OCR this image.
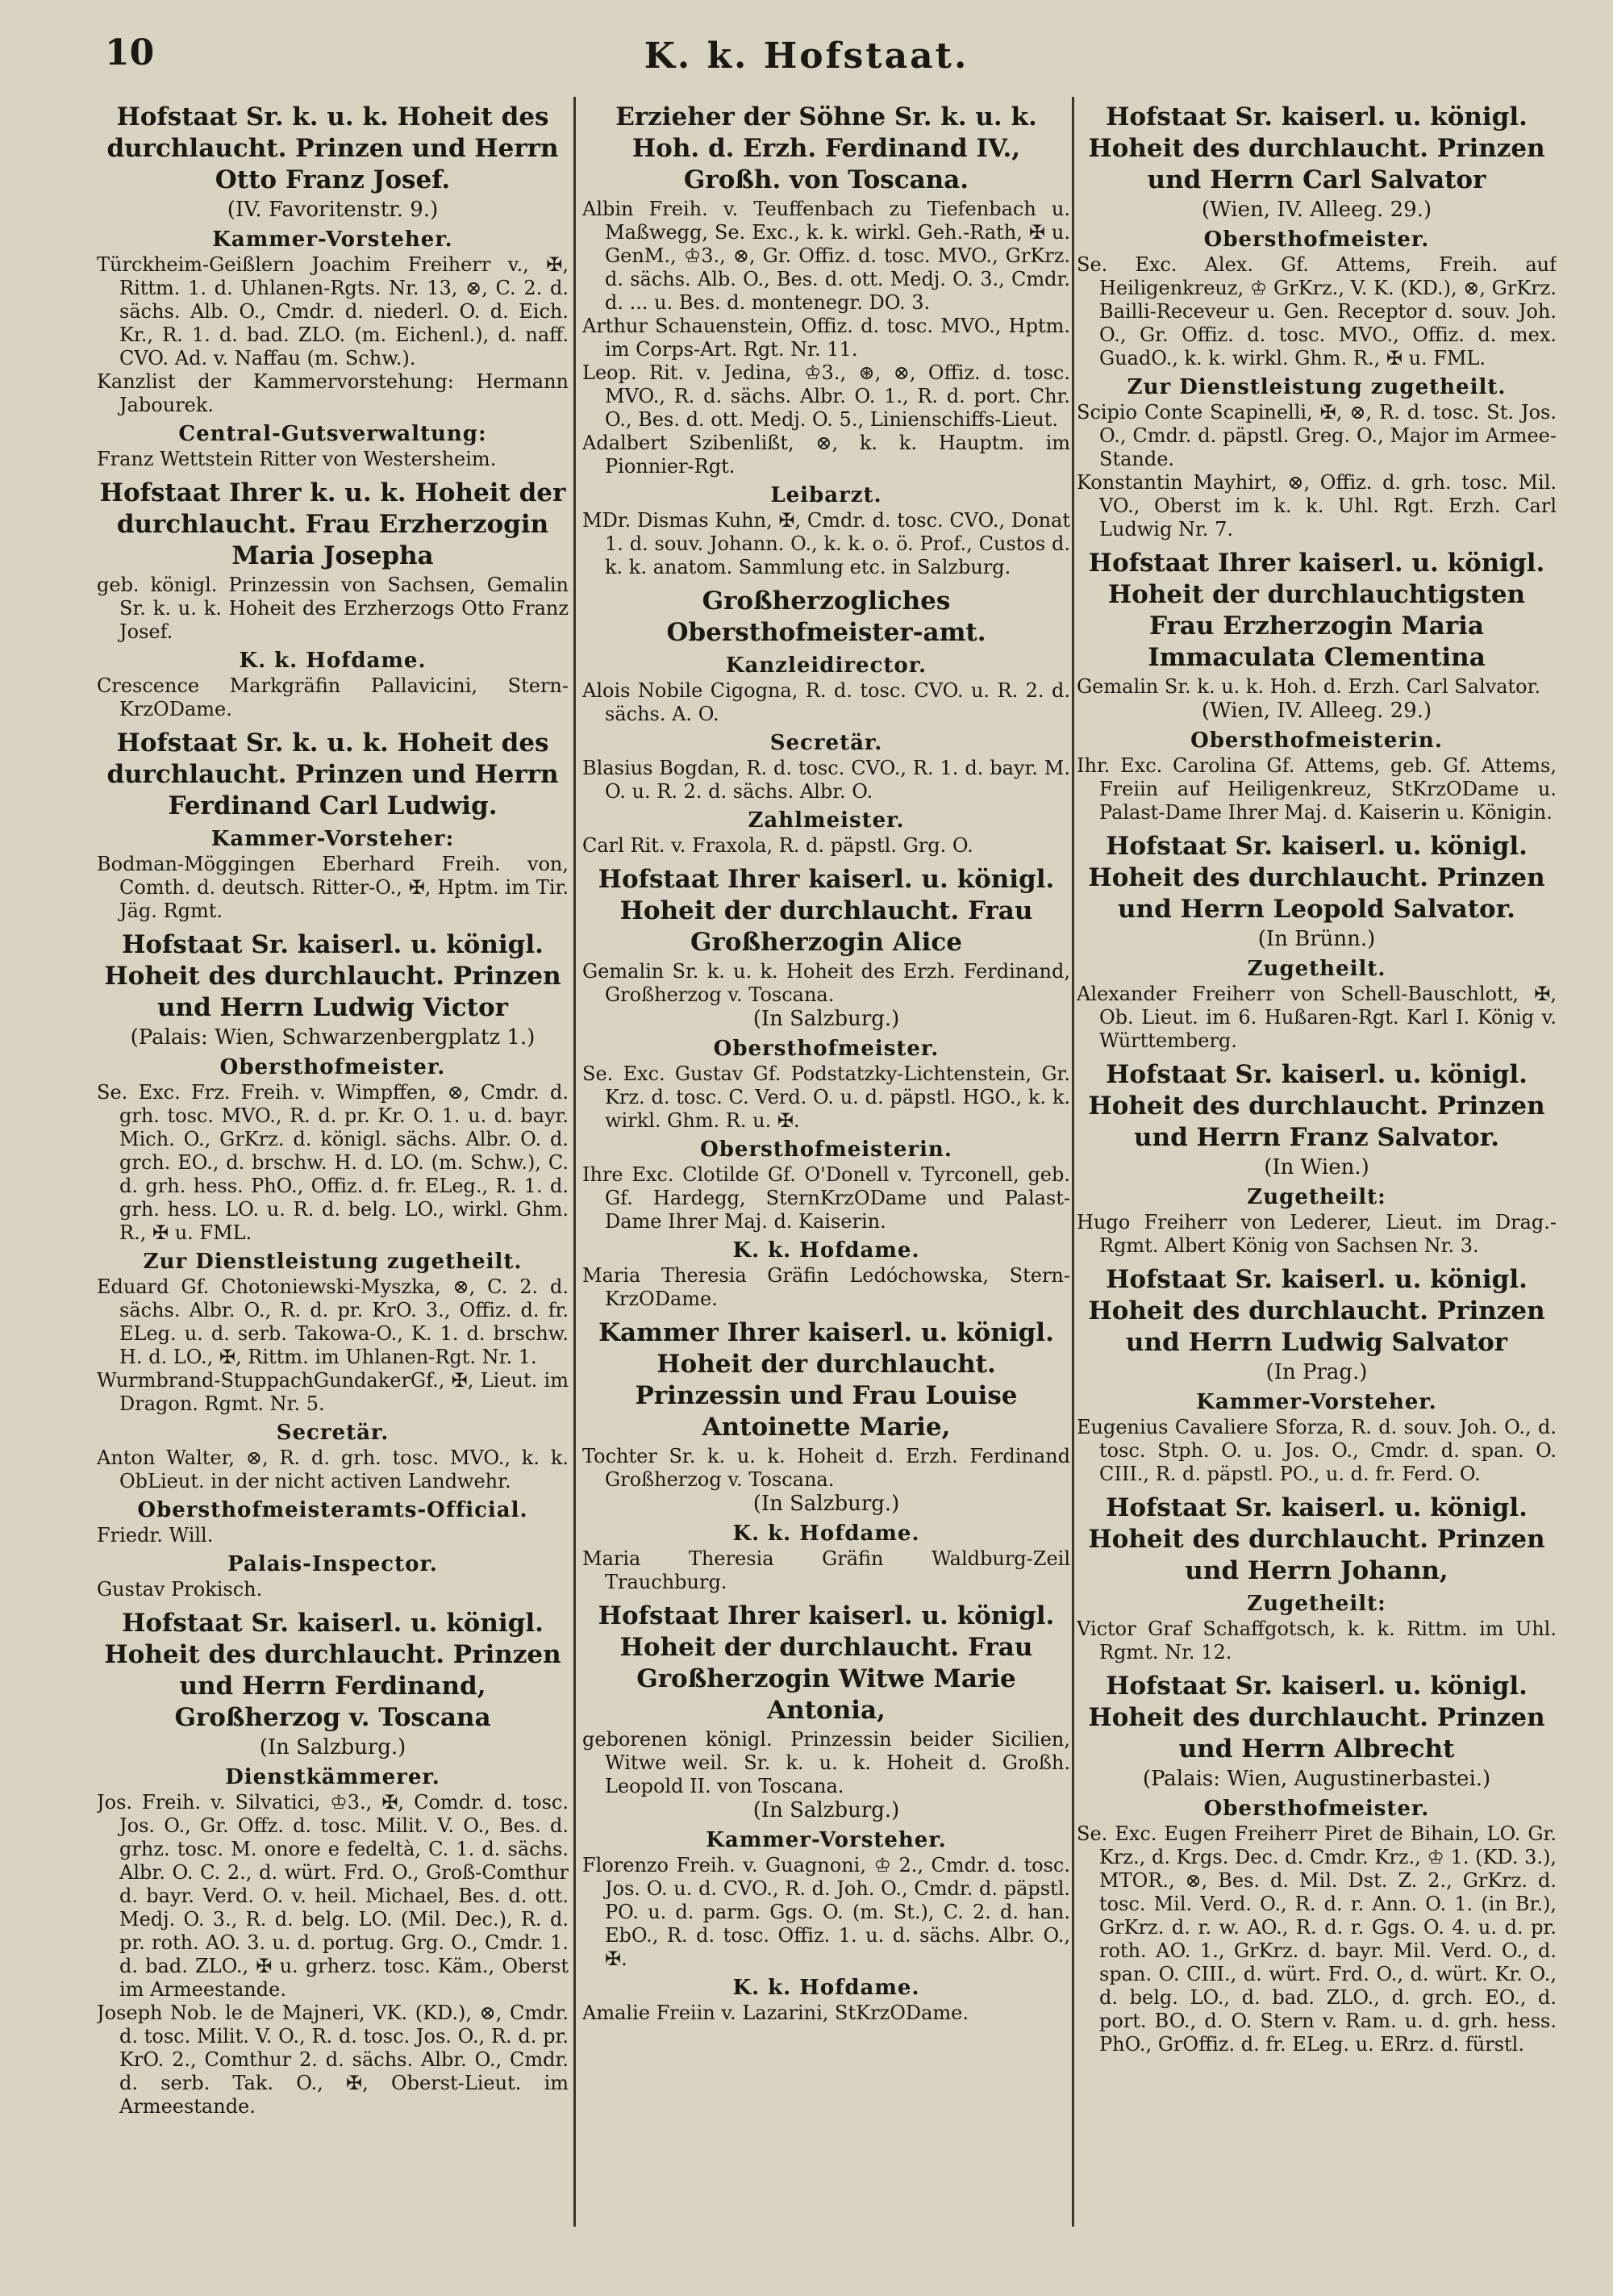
10	K. k. Hofstaat.
Hofstaat Sr. k. u. k. Hoheit des durchlaucht. Prinzen und Herrn Otto Franz Josef.
(IV. Favoritenstr. 9.)
Kammer-Vorsteher.
Türckheim-Geißlern Joachim Freiherr v., ✠, Rittm. 1. d. Uhlanen-Rgts. Nr. 13, ⊗, C. 2. d. sächs. Alb. O., Cmdr. d. niederl. O. d. Eich. Kr., R. 1. d. bad. ZLO. (m. Eichenl.), d. naff. CVO. Ad. v. Naffau (m. Schw.).
Kanzlist der Kammervorstehung: Hermann Jabourek.
Central-Gutsverwaltung:
Franz Wettstein Ritter von Westersheim.
Hofstaat Ihrer k. u. k. Hoheit der durchlaucht. Frau Erzherzogin Maria Josepha
geb. königl. Prinzessin von Sachsen, Gemalin Sr. k. u. k. Hoheit des Erzherzogs Otto Franz Josef.
K. k. Hofdame.
Crescence Markgräfin Pallavicini, Stern-KrzODame.
Hofstaat Sr. k. u. k. Hoheit des durchlaucht. Prinzen und Herrn Ferdinand Carl Ludwig.
Kammer-Vorsteher:
Bodman-Möggingen Eberhard Freih. von, Comth. d. deutsch. Ritter-O., ✠, Hptm. im Tir. Jäg. Rgmt.
Hofstaat Sr. kaiserl. u. königl. Hoheit des durchlaucht. Prinzen und Herrn Ludwig Victor
(Palais: Wien, Schwarzenbergplatz 1.)
Obersthofmeister.
Se. Exc. Frz. Freih. v. Wimpffen, ⊗, Cmdr. d. grh. tosc. MVO., R. d. pr. Kr. O. 1. u. d. bayr. Mich. O., GrKrz. d. königl. sächs. Albr. O. d. grch. EO., d. brschw. H. d. LO. (m. Schw.), C. d. grh. hess. PhO., Offiz. d. fr. ELeg., R. 1. d. grh. hess. LO. u. R. d. belg. LO., wirkl. Ghm. R., ✠ u. FML.
Zur Dienstleistung zugetheilt.
Eduard Gf. Chotoniewski-Myszka, ⊗, C. 2. d. sächs. Albr. O., R. d. pr. KrO. 3., Offiz. d. fr. ELeg. u. d. serb. Takowa-O., K. 1. d. brschw. H. d. LO., ✠, Rittm. im Uhlanen-Rgt. Nr. 1.
Wurmbrand-StuppachGundakerGf., ✠, Lieut. im Dragon. Rgmt. Nr. 5.
Secretär.
Anton Walter, ⊗, R. d. grh. tosc. MVO., k. k. ObLieut. in der nicht activen Landwehr.
Obersthofmeisteramts-Official.
Friedr. Will.
Palais-Inspector.
Gustav Prokisch.
Hofstaat Sr. kaiserl. u. königl. Hoheit des durchlaucht. Prinzen und Herrn Ferdinand, Großherzog v. Toscana
(In Salzburg.)
Dienstkämmerer.
Jos. Freih. v. Silvatici, ♔3., ✠, Comdr. d. tosc. Jos. O., Gr. Offz. d. tosc. Milit. V. O., Bes. d. grhz. tosc. M. onore e fedeltà, C. 1. d. sächs. Albr. O. C. 2., d. würt. Frd. O., Groß-Comthur d. bayr. Verd. O. v. heil. Michael, Bes. d. ott. Medj. O. 3., R. d. belg. LO. (Mil. Dec.), R. d. pr. roth. AO. 3. u. d. portug. Grg. O., Cmdr. 1. d. bad. ZLO., ✠ u. grherz. tosc. Käm., Oberst im Armeestande.
Joseph Nob. le de Majneri, VK. (KD.), ⊗, Cmdr. d. tosc. Milit. V. O., R. d. tosc. Jos. O., R. d. pr. KrO. 2., Comthur 2. d. sächs. Albr. O., Cmdr. d. serb. Tak. O., ✠, Oberst-Lieut. im Armeestande.
Erzieher der Söhne Sr. k. u. k. Hoh. d. Erzh. Ferdinand IV., Großh. von Toscana.
Albin Freih. v. Teuffenbach zu Tiefenbach u. Maßwegg, Se. Exc., k. k. wirkl. Geh.-Rath, ✠ u. GenM., ♔3., ⊗, Gr. Offiz. d. tosc. MVO., GrKrz. d. sächs. Alb. O., Bes. d. ott. Medj. O. 3., Cmdr. d. ... u. Bes. d. montenegr. DO. 3.
Arthur Schauenstein, Offiz. d. tosc. MVO., Hptm. im Corps-Art. Rgt. Nr. 11.
Leop. Rit. v. Jedina, ♔3., ⊛, ⊗, Offiz. d. tosc. MVO., R. d. sächs. Albr. O. 1., R. d. port. Chr. O., Bes. d. ott. Medj. O. 5., Linienschiffs-Lieut.
Adalbert Szibenlißt, ⊗, k. k. Hauptm. im Pionnier-Rgt.
Leibarzt.
MDr. Dismas Kuhn, ✠, Cmdr. d. tosc. CVO., Donat 1. d. souv. Johann. O., k. k. o. ö. Prof., Custos d. k. k. anatom. Sammlung etc. in Salzburg.
Großherzogliches Obersthofmeister-amt.
Kanzleidirector.
Alois Nobile Cigogna, R. d. tosc. CVO. u. R. 2. d. sächs. A. O.
Secretär.
Blasius Bogdan, R. d. tosc. CVO., R. 1. d. bayr. M. O. u. R. 2. d. sächs. Albr. O.
Zahlmeister.
Carl Rit. v. Fraxola, R. d. päpstl. Grg. O.
Hofstaat Ihrer kaiserl. u. königl. Hoheit der durchlaucht. Frau Großherzogin Alice
Gemalin Sr. k. u. k. Hoheit des Erzh. Ferdinand, Großherzog v. Toscana.
(In Salzburg.)
Obersthofmeister.
Se. Exc. Gustav Gf. Podstatzky-Lichtenstein, Gr. Krz. d. tosc. C. Verd. O. u. d. päpstl. HGO., k. k. wirkl. Ghm. R. u. ✠.
Obersthofmeisterin.
Ihre Exc. Clotilde Gf. O'Donell v. Tyrconell, geb. Gf. Hardegg, SternKrzODame und Palast-Dame Ihrer Maj. d. Kaiserin.
K. k. Hofdame.
Maria Theresia Gräfin Ledóchowska, Stern-KrzODame.
Kammer Ihrer kaiserl. u. königl. Hoheit der durchlaucht. Prinzessin und Frau Louise Antoinette Marie,
Tochter Sr. k. u. k. Hoheit d. Erzh. Ferdinand Großherzog v. Toscana.
(In Salzburg.)
K. k. Hofdame.
Maria Theresia Gräfin Waldburg-Zeil Trauchburg.
Hofstaat Ihrer kaiserl. u. königl. Hoheit der durchlaucht. Frau Großherzogin Witwe Marie Antonia,
geborenen königl. Prinzessin beider Sicilien, Witwe weil. Sr. k. u. k. Hoheit d. Großh. Leopold II. von Toscana.
(In Salzburg.)
Kammer-Vorsteher.
Florenzo Freih. v. Guagnoni, ♔ 2., Cmdr. d. tosc. Jos. O. u. d. CVO., R. d. Joh. O., Cmdr. d. päpstl. PO. u. d. parm. Ggs. O. (m. St.), C. 2. d. han. EbO., R. d. tosc. Offiz. 1. u. d. sächs. Albr. O., ✠.
K. k. Hofdame.
Amalie Freiin v. Lazarini, StKrzODame.
Hofstaat Sr. kaiserl. u. königl. Hoheit des durchlaucht. Prinzen und Herrn Carl Salvator
(Wien, IV. Alleeg. 29.)
Obersthofmeister.
Se. Exc. Alex. Gf. Attems, Freih. auf Heiligenkreuz, ♔ GrKrz., V. K. (KD.), ⊗, GrKrz. Bailli-Receveur u. Gen. Receptor d. souv. Joh. O., Gr. Offiz. d. tosc. MVO., Offiz. d. mex. GuadO., k. k. wirkl. Ghm. R., ✠ u. FML.
Zur Dienstleistung zugetheilt.
Scipio Conte Scapinelli, ✠, ⊗, R. d. tosc. St. Jos. O., Cmdr. d. päpstl. Greg. O., Major im Armee-Stande.
Konstantin Mayhirt, ⊗, Offiz. d. grh. tosc. Mil. VO., Oberst im k. k. Uhl. Rgt. Erzh. Carl Ludwig Nr. 7.
Hofstaat Ihrer kaiserl. u. königl. Hoheit der durchlauchtigsten Frau Erzherzogin Maria Immaculata Clementina
Gemalin Sr. k. u. k. Hoh. d. Erzh. Carl Salvator.
(Wien, IV. Alleeg. 29.)
Obersthofmeisterin.
Ihr. Exc. Carolina Gf. Attems, geb. Gf. Attems, Freiin auf Heiligenkreuz, StKrzODame u. Palast-Dame Ihrer Maj. d. Kaiserin u. Königin.
Hofstaat Sr. kaiserl. u. königl. Hoheit des durchlaucht. Prinzen und Herrn Leopold Salvator.
(In Brünn.)
Zugetheilt.
Alexander Freiherr von Schell-Bauschlott, ✠, Ob. Lieut. im 6. Hußaren-Rgt. Karl I. König v. Württemberg.
Hofstaat Sr. kaiserl. u. königl. Hoheit des durchlaucht. Prinzen und Herrn Franz Salvator.
(In Wien.)
Zugetheilt:
Hugo Freiherr von Lederer, Lieut. im Drag.-Rgmt. Albert König von Sachsen Nr. 3.
Hofstaat Sr. kaiserl. u. königl. Hoheit des durchlaucht. Prinzen und Herrn Ludwig Salvator
(In Prag.)
Kammer-Vorsteher.
Eugenius Cavaliere Sforza, R. d. souv. Joh. O., d. tosc. Stph. O. u. Jos. O., Cmdr. d. span. O. CIII., R. d. päpstl. PO., u. d. fr. Ferd. O.
Hofstaat Sr. kaiserl. u. königl. Hoheit des durchlaucht. Prinzen und Herrn Johann,
Zugetheilt:
Victor Graf Schaffgotsch, k. k. Rittm. im Uhl. Rgmt. Nr. 12.
Hofstaat Sr. kaiserl. u. königl. Hoheit des durchlaucht. Prinzen und Herrn Albrecht
(Palais: Wien, Augustinerbastei.)
Obersthofmeister.
Se. Exc. Eugen Freiherr Piret de Bihain, LO. Gr. Krz., d. Krgs. Dec. d. Cmdr. Krz., ♔ 1. (KD. 3.), MTOR., ⊗, Bes. d. Mil. Dst. Z. 2., GrKrz. d. tosc. Mil. Verd. O., R. d. r. Ann. O. 1. (in Br.), GrKrz. d. r. w. AO., R. d. r. Ggs. O. 4. u. d. pr. roth. AO. 1., GrKrz. d. bayr. Mil. Verd. O., d. span. O. CIII., d. würt. Frd. O., d. würt. Kr. O., d. belg. LO., d. bad. ZLO., d. grch. EO., d. port. BO., d. O. Stern v. Ram. u. d. grh. hess. PhO., GrOffiz. d. fr. ELeg. u. ERrz. d. fürstl.
